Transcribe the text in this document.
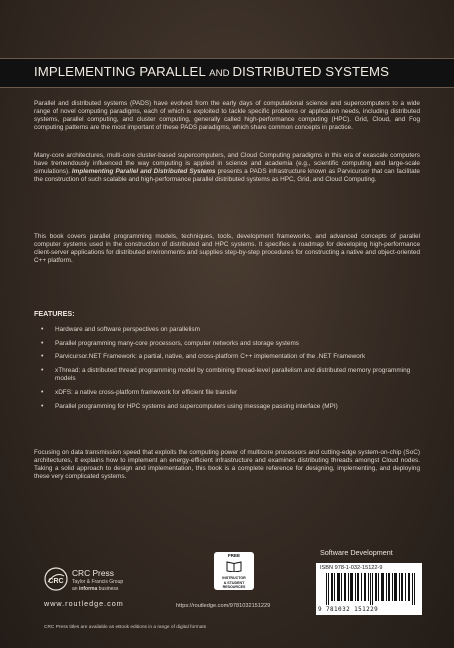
IMPLEMENTING PARALLEL AND DISTRIBUTED SYSTEMS
Parallel and distributed systems (PADS) have evolved from the early days of computational science and supercomputers to a wide range of novel computing paradigms, each of which is exploited to tackle specific problems or application needs, including distributed systems, parallel computing, and cluster computing, generally called high-performance computing (HPC). Grid, Cloud, and Fog computing patterns are the most important of these PADS paradigms, which share common concepts in practice.
Many-core architectures, multi-core cluster-based supercomputers, and Cloud Computing paradigms in this era of exascale computers have tremendously influenced the way computing is applied in science and academia (e.g., scientific computing and large-scale simulations). Implementing Parallel and Distributed Systems presents a PADS infrastructure known as Parvicursor that can facilitate the construction of such scalable and high-performance parallel distributed systems as HPC, Grid, and Cloud Computing.
This book covers parallel programming models, techniques, tools, development frameworks, and advanced concepts of parallel computer systems used in the construction of distributed and HPC systems. It specifies a roadmap for developing high-performance client-server applications for distributed environments and supplies step-by-step procedures for constructing a native and object-oriented C++ platform.
FEATURES:
• Hardware and software perspectives on parallelism
• Parallel programming many-core processors, computer networks and storage systems
• Parvicursor.NET Framework: a partial, native, and cross-platform C++ implementation of the .NET Framework
• xThread: a distributed thread programming model by combining thread-level parallelism and distributed memory programming models
• xDFS: a native cross-platform framework for efficient file transfer
• Parallel programming for HPC systems and supercomputers using message passing interface (MPI)
Focusing on data transmission speed that exploits the computing power of multicore processors and cutting-edge system-on-chip (SoC) architectures, it explains how to implement an energy-efficient infrastructure and examines distributing threads amongst Cloud nodes. Taking a solid approach to design and implementation, this book is a complete reference for designing, implementing, and deploying these very complicated systems.
Software Development
ISBN 978-1-032-15122-9
9 781032 151229
CRC
CRC Press
Taylor & Francis Group
an informa business
www.routledge.com
FREE
INSTRUCTOR
& STUDENT RESOURCES
https://routledge.com/9781032151229
CRC Press titles are available as eBook editions in a range of digital formats
